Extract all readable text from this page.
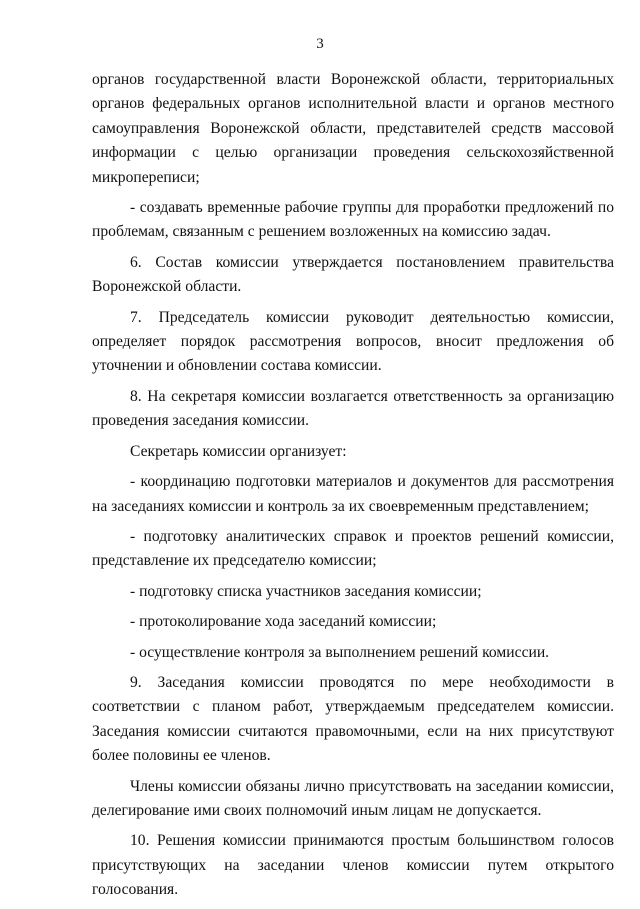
3

органов государственной власти Воронежской области, территориальных органов федеральных органов исполнительной власти и органов местного самоуправления Воронежской области, представителей средств массовой информации с целью организации проведения сельскохозяйственной микропереписи;

- создавать временные рабочие группы для проработки предложений по проблемам, связанным с решением возложенных на комиссию задач.

6. Состав комиссии утверждается постановлением правительства Воронежской области.

7. Председатель комиссии руководит деятельностью комиссии, определяет порядок рассмотрения вопросов, вносит предложения об уточнении и обновлении состава комиссии.

8. На секретаря комиссии возлагается ответственность за организацию проведения заседания комиссии.

Секретарь комиссии организует:

- координацию подготовки материалов и документов для рассмотрения на заседаниях комиссии и контроль за их своевременным представлением;

- подготовку аналитических справок и проектов решений комиссии, представление их председателю комиссии;

- подготовку списка участников заседания комиссии;

- протоколирование хода заседаний комиссии;

- осуществление контроля за выполнением решений комиссии.

9. Заседания комиссии проводятся по мере необходимости в соответствии с планом работ, утверждаемым председателем комиссии. Заседания комиссии считаются правомочными, если на них присутствуют более половины ее членов.

Члены комиссии обязаны лично присутствовать на заседании комиссии, делегирование ими своих полномочий иным лицам не допускается.

10. Решения комиссии принимаются простым большинством голосов присутствующих на заседании членов комиссии путем открытого голосования.
